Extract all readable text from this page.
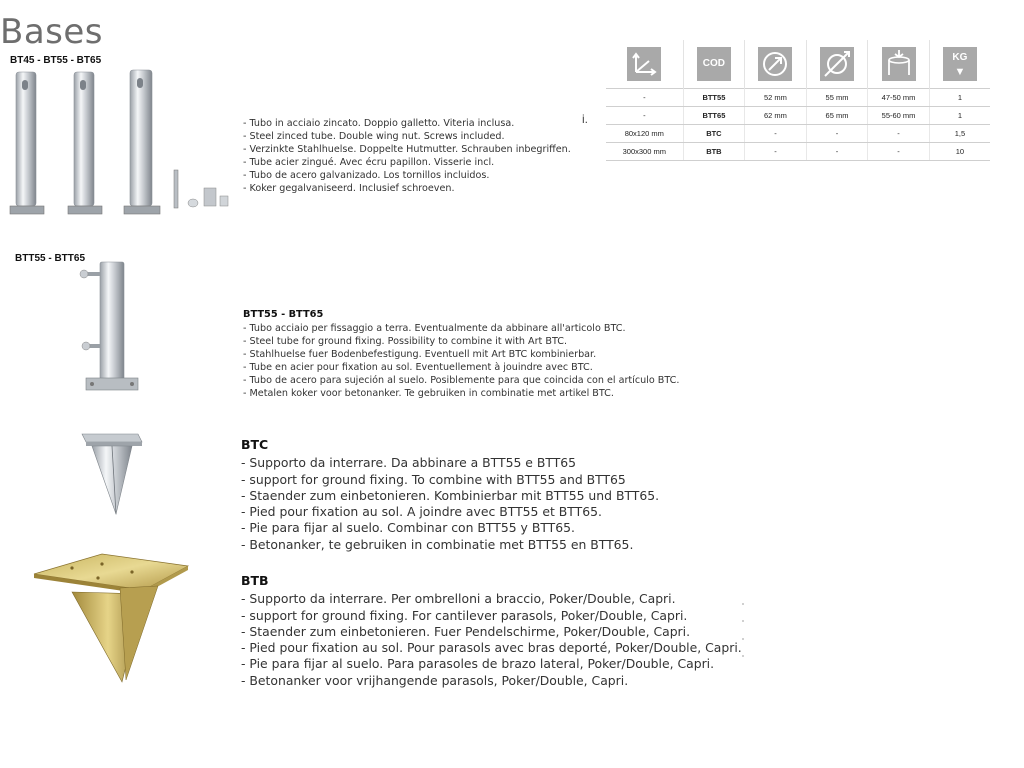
Bases
BT45 - BT55 - BT65
- Tubo in acciaio zincato. Doppio galletto. Viteria inclusa.
- Steel zinced tube. Double wing nut. Screws included.
- Verzinkte Stahlhuelse. Doppelte Hutmutter. Schrauben inbegriffen.
- Tube acier zingué. Avec écru papillon. Visserie incl.
- Tubo de acero galvanizado. Los tornillos incluidos.
- Koker gegalvaniseerd. Inclusief schroeven.
i.
	COD				KG
▼
-	BTT55	52 mm	55 mm	47-50 mm	1
-	BTT65	62 mm	65 mm	55-60 mm	1
80x120 mm	BTC	-	-	-	1,5
300x300 mm	BTB	-	-	-	10
BTT55 - BTT65
BTT55 - BTT65
- Tubo acciaio per fissaggio a terra. Eventualmente da abbinare all'articolo BTC.
- Steel tube for ground fixing. Possibility to combine it with Art BTC.
- Stahlhuelse fuer Bodenbefestigung. Eventuell mit Art BTC kombinierbar.
- Tube en acier pour fixation au sol. Eventuellement à jouindre avec BTC.
- Tubo de acero para sujeción al suelo. Posiblemente para que coincida con el artículo BTC.
- Metalen koker voor betonanker. Te gebruiken in combinatie met artikel BTC.
BTC
- Supporto da interrare. Da abbinare a BTT55 e BTT65
- support for ground fixing. To combine with BTT55 and BTT65
- Staender zum einbetonieren. Kombinierbar mit BTT55 und BTT65.
- Pied pour fixation au sol. A joindre avec BTT55 et BTT65.
- Pie para fijar al suelo. Combinar con BTT55 y BTT65.
- Betonanker, te gebruiken in combinatie met BTT55 en BTT65.
BTB
- Supporto da interrare. Per ombrelloni a braccio, Poker/Double, Capri.
- support for ground fixing. For cantilever parasols, Poker/Double, Capri.
- Staender zum einbetonieren. Fuer Pendelschirme, Poker/Double, Capri.
- Pied pour fixation au sol. Pour parasols avec bras deporté, Poker/Double, Capri.
- Pie para fijar al suelo. Para parasoles de brazo lateral, Poker/Double, Capri.
- Betonanker voor vrijhangende parasols, Poker/Double, Capri.
